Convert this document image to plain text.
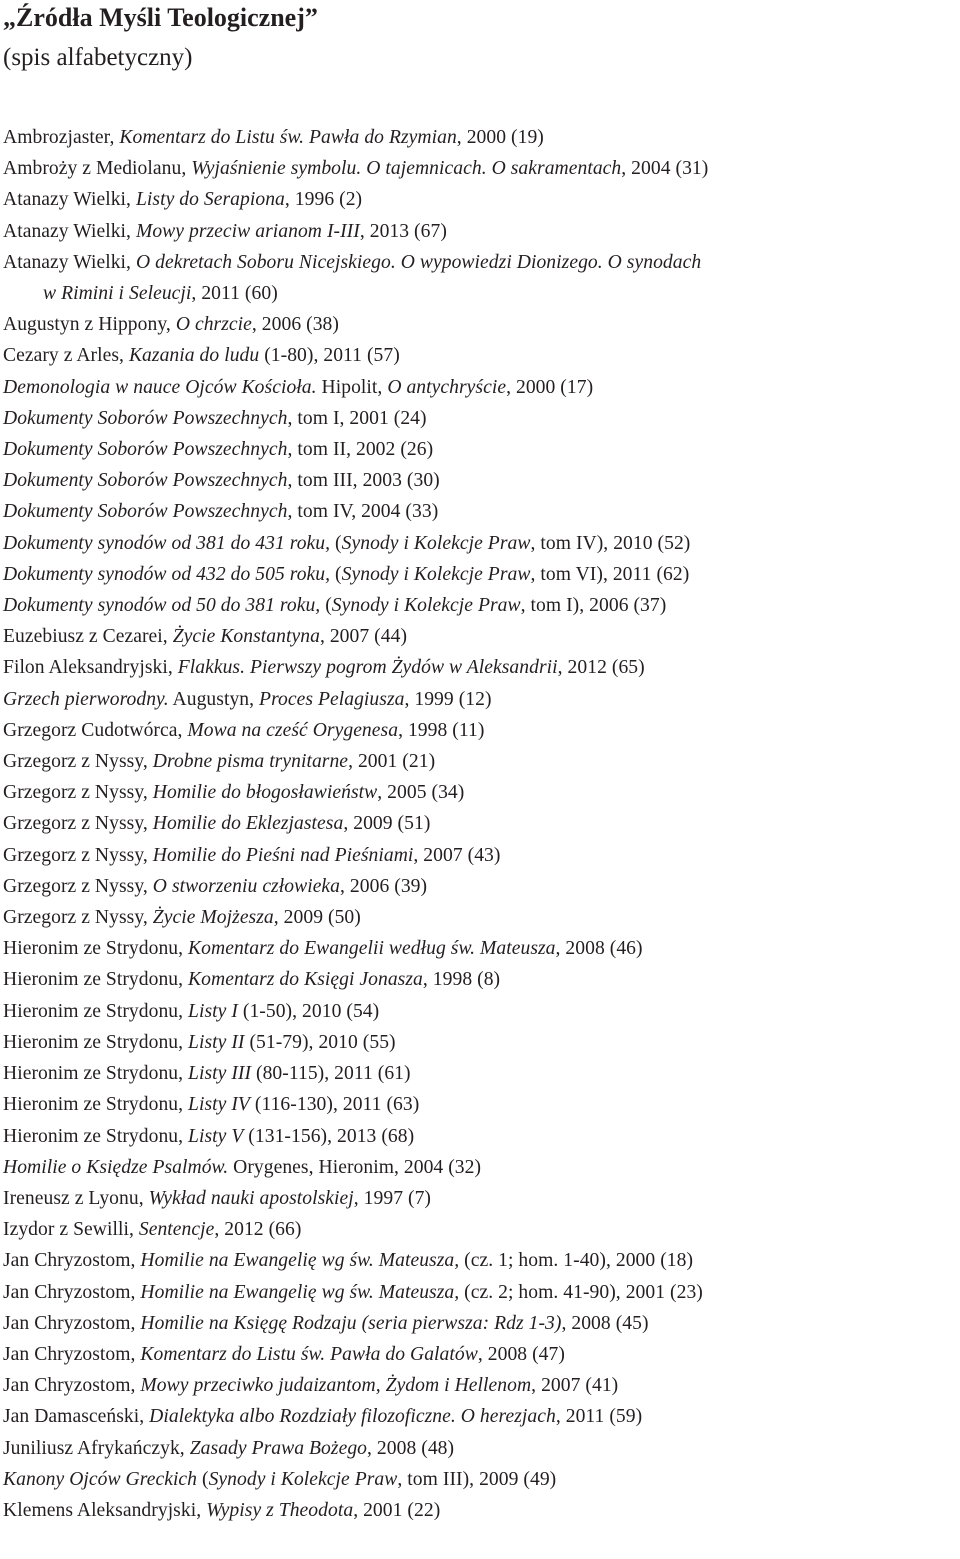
„Źródła Myśli Teologicznej”
(spis alfabetyczny)
Ambrozjaster, Komentarz do Listu św. Pawła do Rzymian, 2000 (19)
Ambroży z Mediolanu, Wyjaśnienie symbolu. O tajemnicach. O sakramentach, 2004 (31)
Atanazy Wielki, Listy do Serapiona, 1996 (2)
Atanazy Wielki, Mowy przeciw arianom I-III, 2013 (67)
Atanazy Wielki, O dekretach Soboru Nicejskiego. O wypowiedzi Dionizego. O synodach
w Rimini i Seleucji, 2011 (60)
Augustyn z Hippony, O chrzcie, 2006 (38)
Cezary z Arles, Kazania do ludu (1-80), 2011 (57)
Demonologia w nauce Ojców Kościoła. Hipolit, O antychryście, 2000 (17)
Dokumenty Soborów Powszechnych, tom I, 2001 (24)
Dokumenty Soborów Powszechnych, tom II, 2002 (26)
Dokumenty Soborów Powszechnych, tom III, 2003 (30)
Dokumenty Soborów Powszechnych, tom IV, 2004 (33)
Dokumenty synodów od 381 do 431 roku, (Synody i Kolekcje Praw, tom IV), 2010 (52)
Dokumenty synodów od 432 do 505 roku, (Synody i Kolekcje Praw, tom VI), 2011 (62)
Dokumenty synodów od 50 do 381 roku, (Synody i Kolekcje Praw, tom I), 2006 (37)
Euzebiusz z Cezarei, Życie Konstantyna, 2007 (44)
Filon Aleksandryjski, Flakkus. Pierwszy pogrom Żydów w Aleksandrii, 2012 (65)
Grzech pierworodny. Augustyn, Proces Pelagiusza, 1999 (12)
Grzegorz Cudotwórca, Mowa na cześć Orygenesa, 1998 (11)
Grzegorz z Nyssy, Drobne pisma trynitarne, 2001 (21)
Grzegorz z Nyssy, Homilie do błogosławieństw, 2005 (34)
Grzegorz z Nyssy, Homilie do Eklezjastesa, 2009 (51)
Grzegorz z Nyssy, Homilie do Pieśni nad Pieśniami, 2007 (43)
Grzegorz z Nyssy, O stworzeniu człowieka, 2006 (39)
Grzegorz z Nyssy, Życie Mojżesza, 2009 (50)
Hieronim ze Strydonu, Komentarz do Ewangelii według św. Mateusza, 2008 (46)
Hieronim ze Strydonu, Komentarz do Księgi Jonasza, 1998 (8)
Hieronim ze Strydonu, Listy I (1-50), 2010 (54)
Hieronim ze Strydonu, Listy II (51-79), 2010 (55)
Hieronim ze Strydonu, Listy III (80-115), 2011 (61)
Hieronim ze Strydonu, Listy IV (116-130), 2011 (63)
Hieronim ze Strydonu, Listy V (131-156), 2013 (68)
Homilie o Księdze Psalmów. Orygenes, Hieronim, 2004 (32)
Ireneusz z Lyonu, Wykład nauki apostolskiej, 1997 (7)
Izydor z Sewilli, Sentencje, 2012 (66)
Jan Chryzostom, Homilie na Ewangelię wg św. Mateusza, (cz. 1; hom. 1-40), 2000 (18)
Jan Chryzostom, Homilie na Ewangelię wg św. Mateusza, (cz. 2; hom. 41-90), 2001 (23)
Jan Chryzostom, Homilie na Księgę Rodzaju (seria pierwsza: Rdz 1-3), 2008 (45)
Jan Chryzostom, Komentarz do Listu św. Pawła do Galatów, 2008 (47)
Jan Chryzostom, Mowy przeciwko judaizantom, Żydom i Hellenom, 2007 (41)
Jan Damasceński, Dialektyka albo Rozdziały filozoficzne. O herezjach, 2011 (59)
Juniliusz Afrykańczyk, Zasady Prawa Bożego, 2008 (48)
Kanony Ojców Greckich (Synody i Kolekcje Praw, tom III), 2009 (49)
Klemens Aleksandryjski, Wypisy z Theodota, 2001 (22)
